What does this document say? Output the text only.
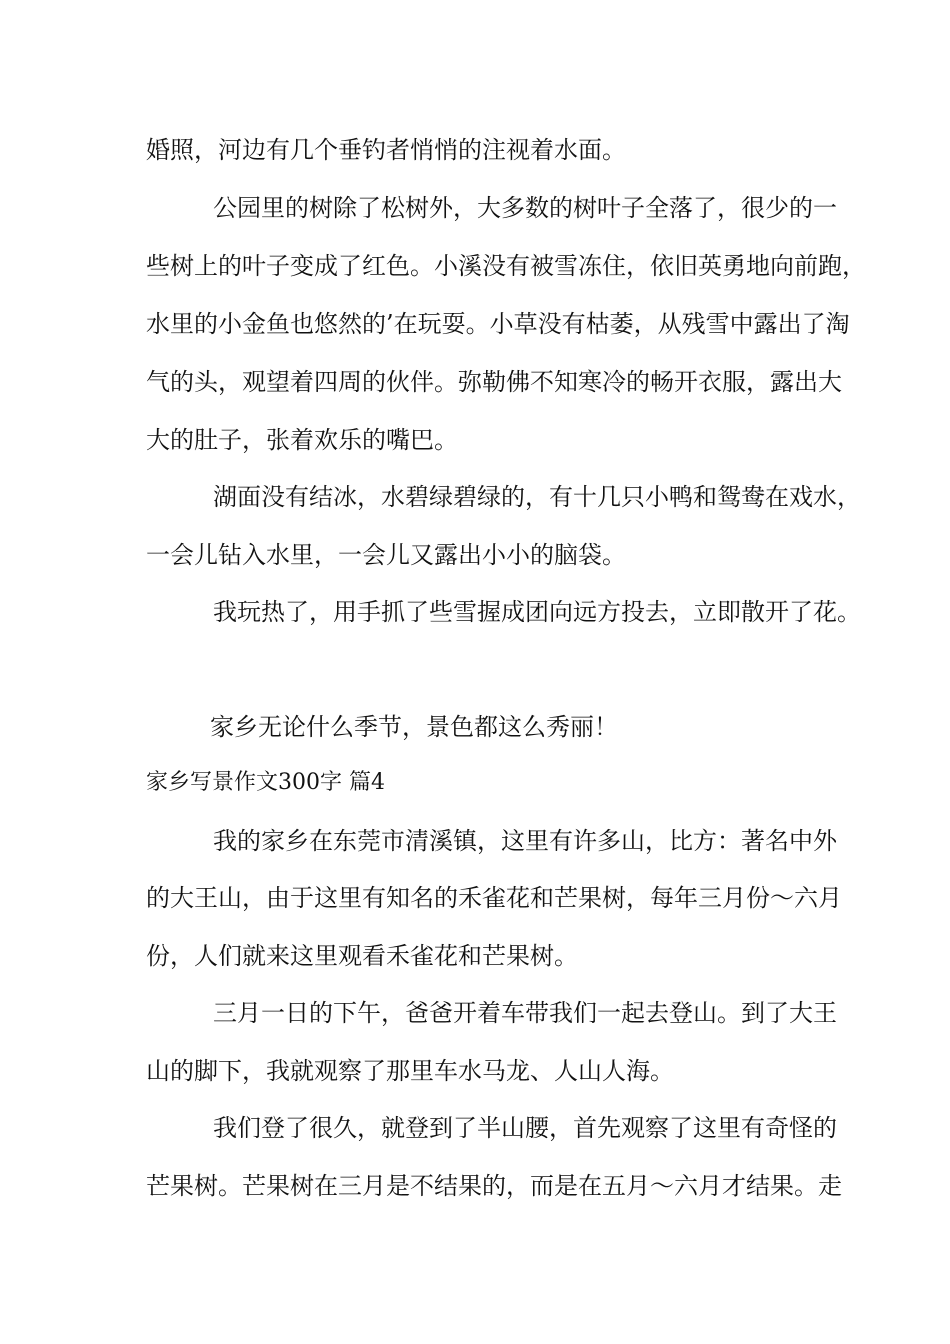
婚照，河边有几个垂钓者悄悄的注视着水面。
公园里的树除了松树外，大多数的树叶子全落了，很少的一
些树上的叶子变成了红色。小溪没有被雪冻住，依旧英勇地向前跑，
水里的小金鱼也悠然的’在玩耍。小草没有枯萎，从残雪中露出了淘
气的头，观望着四周的伙伴。弥勒佛不知寒冷的畅开衣服，露出大
大的肚子，张着欢乐的嘴巴。
湖面没有结冰，水碧绿碧绿的，有十几只小鸭和鸳鸯在戏水，
一会儿钻入水里，一会儿又露出小小的脑袋。
我玩热了，用手抓了些雪握成团向远方投去，立即散开了花。
家乡无论什么季节，景色都这么秀丽！
家乡写景作文300字 篇4
我的家乡在东莞市清溪镇，这里有许多山，比方：著名中外
的大王山，由于这里有知名的禾雀花和芒果树，每年三月份～六月
份，人们就来这里观看禾雀花和芒果树。
三月一日的下午，爸爸开着车带我们一起去登山。到了大王
山的脚下，我就观察了那里车水马龙、人山人海。
我们登了很久，就登到了半山腰，首先观察了这里有奇怪的
芒果树。芒果树在三月是不结果的，而是在五月～六月才结果。走
